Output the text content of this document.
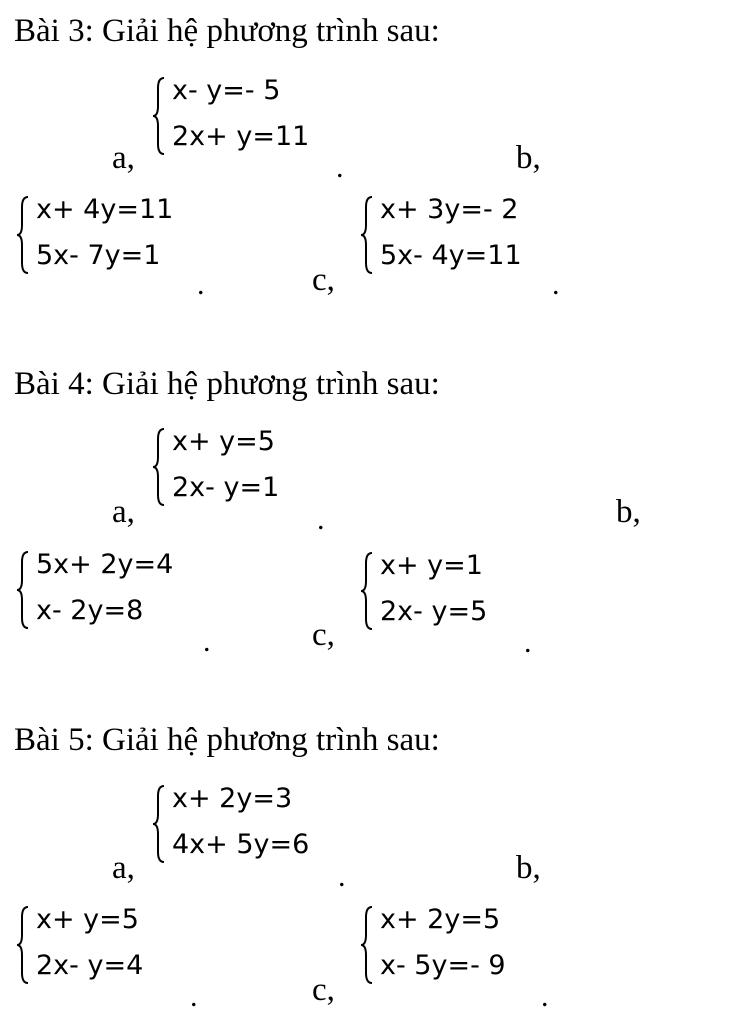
Bài 3: Giải hệ phương trình sau:
x- y=- 5
2x+ y=11
a,	.	b,
x+ 4y=11
5x- 7y=1
.	c,
x+ 3y=- 2
5x- 4y=11
.
Bài 4: Giải hệ phương trình sau:
x+ y=5
2x- y=1
a,	.	b,
5x+ 2y=4
x- 2y=8
.	c,
x+ y=1
2x- y=5
.
Bài 5: Giải hệ phương trình sau:
x+ 2y=3
4x+ 5y=6
a,	.	b,
x+ y=5
2x- y=4
.	c,
x+ 2y=5
x- 5y=- 9
.
